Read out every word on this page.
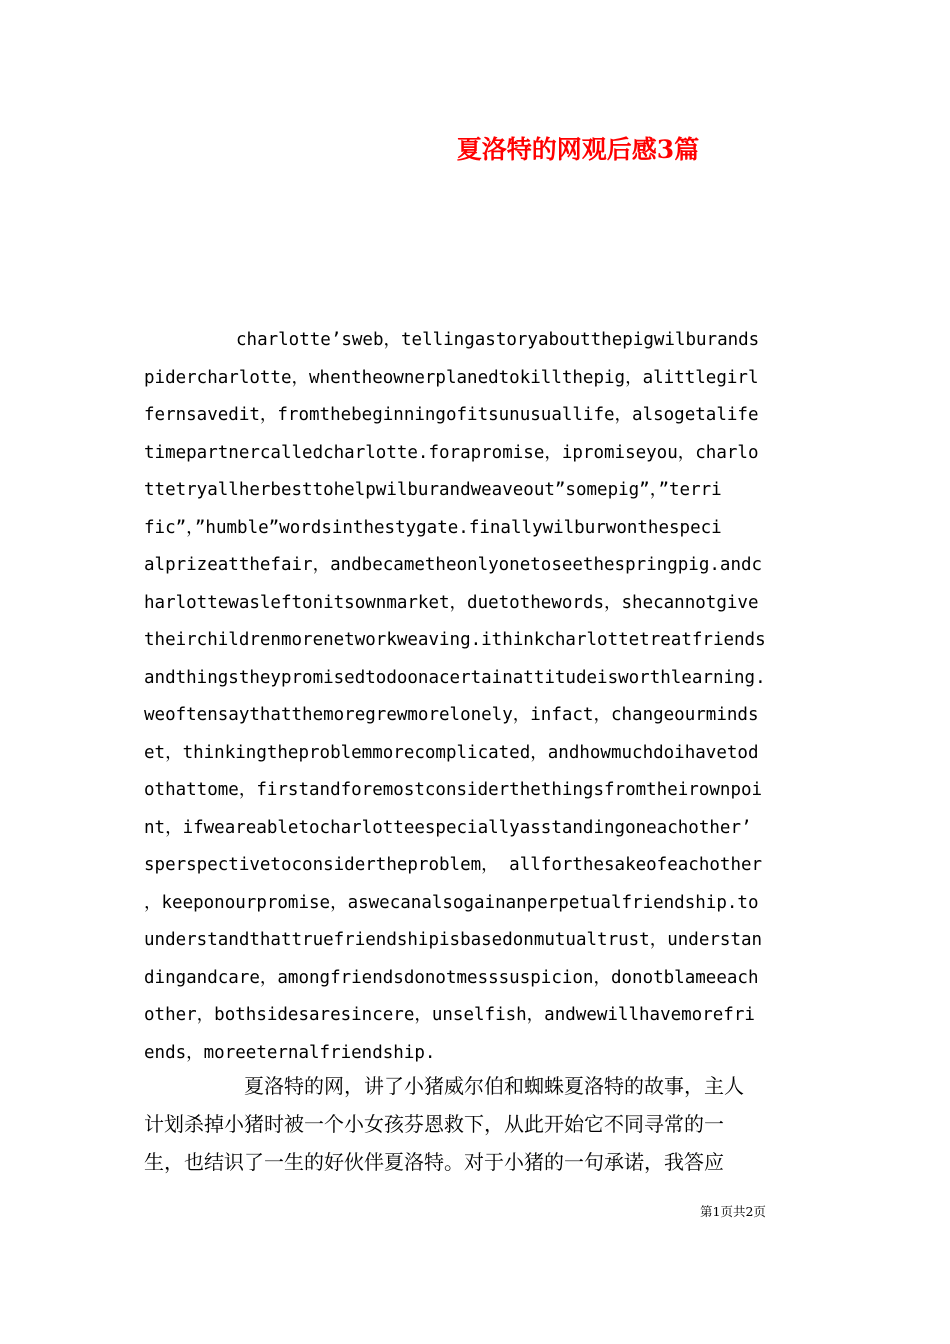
夏洛特的网观后感3篇
charlotte’sweb，tellingastoryaboutthepigwilburands
pidercharlotte，whentheownerplanedtokillthepig，alittlegirl
fernsavedit，fromthebeginningofitsunusuallife，alsogetalife
timepartnercalledcharlotte.forapromise，ipromiseyou，charlo
ttetryallherbesttohelpwilburandweaveout”somepig”，”terri
fic”，”humble”wordsinthestygate.finallywilburwonthespeci
alprizeatthefair，andbecametheonlyonetoseethespringpig.andc
harlottewasleftonitsownmarket，duetothewords，shecannotgive
theirchildrenmorenetworkweaving.ithinkcharlottetreatfriends
andthingstheypromisedtodoonacertainattitudeisworthlearning.
weoftensaythatthemoregrewmorelonely，infact，changeourminds
et，thinkingtheproblemmorecomplicated，andhowmuchdoihavetod
othattome，firstandforemostconsiderthethingsfromtheirownpoi
nt，ifweareabletocharlotteespeciallyasstandingoneachother’
sperspectivetoconsidertheproblem， allforthesakeofeachother
，keeponourpromise，aswecanalsogainanperpetualfriendship.to
understandthattruefriendshipisbasedonmutualtrust，understan
dingandcare，amongfriendsdonotmesssuspicion，donotblameeach
other，bothsidesaresincere，unselfish，andwewillhavemorefri
ends，moreeternalfriendship.
夏洛特的网，讲了小猪威尔伯和蜘蛛夏洛特的故事，主人
计划杀掉小猪时被一个小女孩芬恩救下，从此开始它不同寻常的一
生，也结识了一生的好伙伴夏洛特。对于小猪的一句承诺，我答应
第1页共2页
